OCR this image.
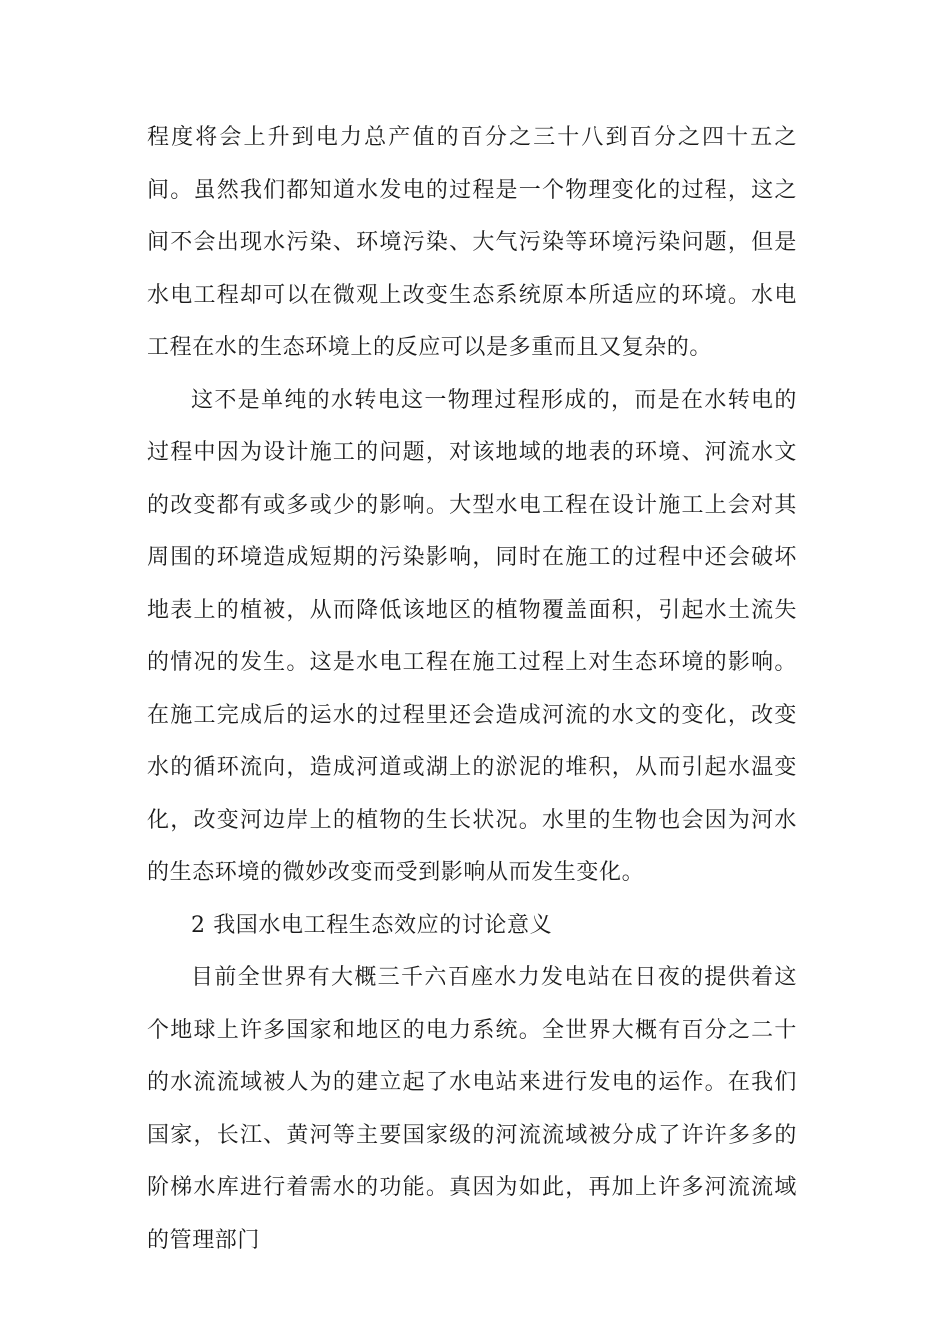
程度将会上升到电力总产值的百分之三十八到百分之四十五之间。虽然我们都知道水发电的过程是一个物理变化的过程，这之间不会出现水污染、环境污染、大气污染等环境污染问题，但是水电工程却可以在微观上改变生态系统原本所适应的环境。水电工程在水的生态环境上的反应可以是多重而且又复杂的。

这不是单纯的水转电这一物理过程形成的，而是在水转电的过程中因为设计施工的问题，对该地域的地表的环境、河流水文的改变都有或多或少的影响。大型水电工程在设计施工上会对其周围的环境造成短期的污染影响，同时在施工的过程中还会破坏地表上的植被，从而降低该地区的植物覆盖面积，引起水土流失的情况的发生。这是水电工程在施工过程上对生态环境的影响。在施工完成后的运水的过程里还会造成河流的水文的变化，改变水的循环流向，造成河道或湖上的淤泥的堆积，从而引起水温变化，改变河边岸上的植物的生长状况。水里的生物也会因为河水的生态环境的微妙改变而受到影响从而发生变化。

2 我国水电工程生态效应的讨论意义

目前全世界有大概三千六百座水力发电站在日夜的提供着这个地球上许多国家和地区的电力系统。全世界大概有百分之二十的水流流域被人为的建立起了水电站来进行发电的运作。在我们国家，长江、黄河等主要国家级的河流流域被分成了许许多多的阶梯水库进行着需水的功能。真因为如此，再加上许多河流流域的管理部门
